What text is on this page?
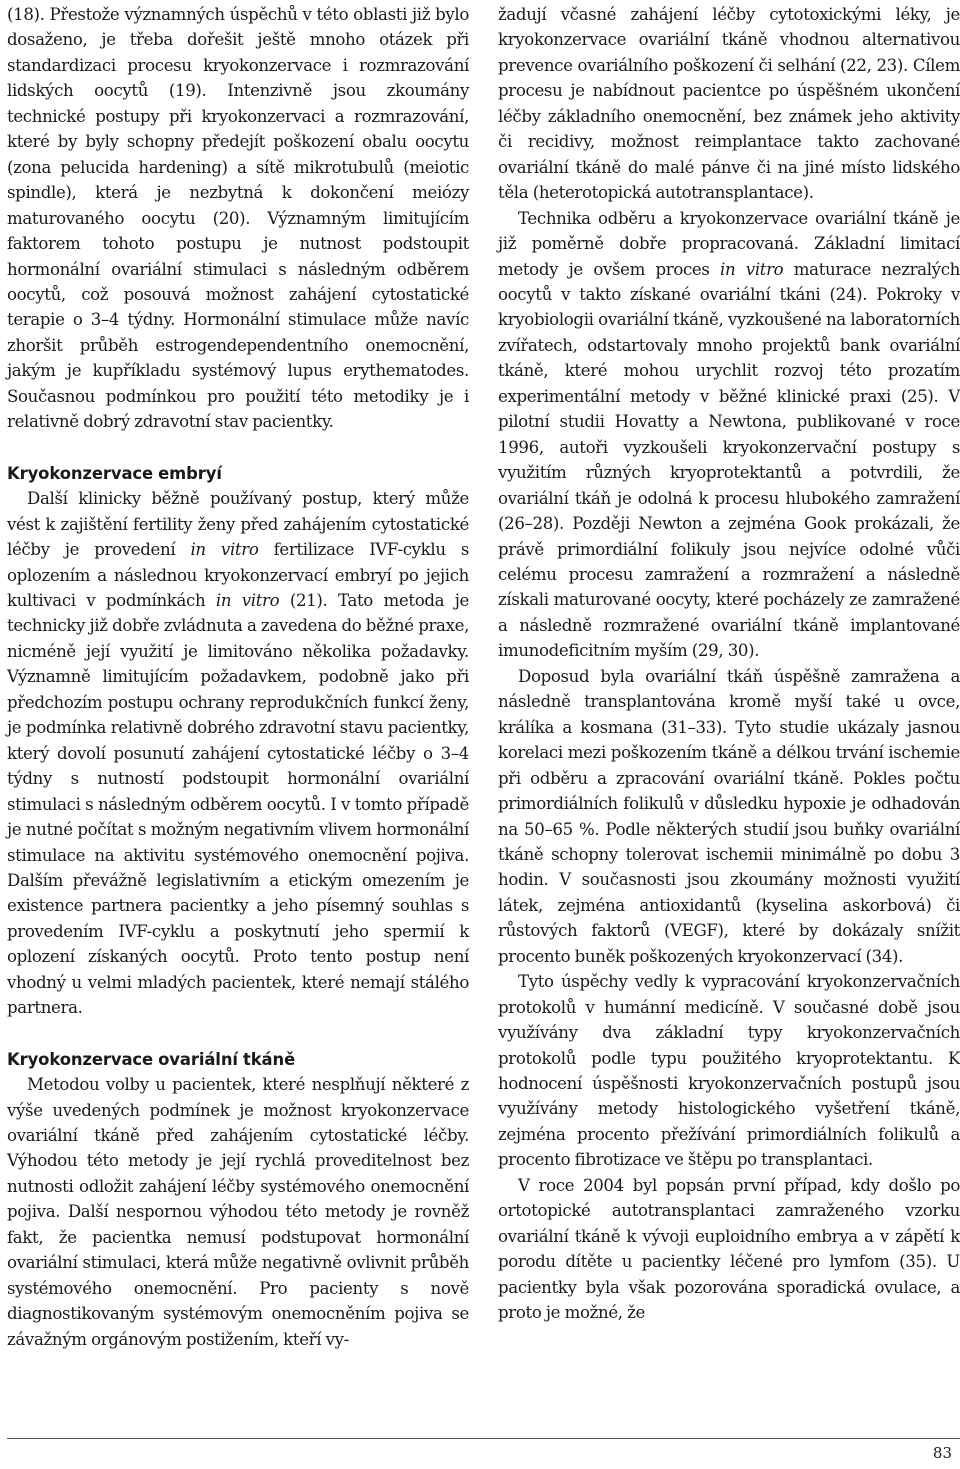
(18). Přestože významných úspěchů v této oblasti již bylo dosaženo, je třeba dořešit ještě mnoho otázek při standardizaci procesu kryokonzervace i rozmrazování lidských oocytů (19). Intenzivně jsou zkoumány technické postupy při kryokonzervaci a rozmrazování, které by byly schopny předejít poškození obalu oocytu (zona pelucida hardening) a sítě mikrotubulů (meiotic spindle), která je nezbytná k dokončení meiózy maturovaného oocytu (20). Významným limitujícím faktorem tohoto postupu je nutnost podstoupit hormonální ovariální stimulaci s následným odběrem oocytů, což posouvá možnost zahájení cytostatické terapie o 3–4 týdny. Hormonální stimulace může navíc zhoršit průběh estrogendependentního onemocnění, jakým je kupříkladu systémový lupus erythematodes. Současnou podmínkou pro použití této metodiky je i relativně dobrý zdravotní stav pacientky.

Kryokonzervace embryí

Další klinicky běžně používaný postup, který může vést k zajištění fertility ženy před zahájením cytostatické léčby je provedení in vitro fertilizace IVF-cyklu s oplozením a následnou kryokonzervací embryí po jejich kultivaci v podmínkách in vitro (21). Tato metoda je technicky již dobře zvládnuta a zavedena do běžné praxe, nicméně její využití je limitováno několika požadavky. Významně limitujícím požadavkem, podobně jako při předchozím postupu ochrany reprodukčních funkcí ženy, je podmínka relativně dobrého zdravotní stavu pacientky, který dovolí posunutí zahájení cytostatické léčby o 3–4 týdny s nutností podstoupit hormonální ovariální stimulaci s následným odběrem oocytů. I v tomto případě je nutné počítat s možným negativním vlivem hormonální stimulace na aktivitu systémového onemocnění pojiva. Dalším převážně legislativním a etickým omezením je existence partnera pacientky a jeho písemný souhlas s provedením IVF-cyklu a poskytnutí jeho spermií k oplození získaných oocytů. Proto tento postup není vhodný u velmi mladých pacientek, které nemají stálého partnera.

Kryokonzervace ovariální tkáně

Metodou volby u pacientek, které nesplňují některé z výše uvedených podmínek je možnost kryokonzervace ovariální tkáně před zahájením cytostatické léčby. Výhodou této metody je její rychlá proveditelnost bez nutnosti odložit zahájení léčby systémového onemocnění pojiva. Další nespornou výhodou této metody je rovněž fakt, že pacientka nemusí podstupovat hormonální ovariální stimulaci, která může negativně ovlivnit průběh systémového onemocnění. Pro pacienty s nově diagnostikovaným systémovým onemocněním pojiva se závažným orgánovým postižením, kteří vy-

žadují včasné zahájení léčby cytotoxickými léky, je kryokonzervace ovariální tkáně vhodnou alternativou prevence ovariálního poškození či selhání (22, 23). Cílem procesu je nabídnout pacientce po úspěšném ukončení léčby základního onemocnění, bez známek jeho aktivity či recidivy, možnost reimplantace takto zachované ovariální tkáně do malé pánve či na jiné místo lidského těla (heterotopická autotransplantace).

Technika odběru a kryokonzervace ovariální tkáně je již poměrně dobře propracovaná. Základní limitací metody je ovšem proces in vitro maturace nezralých oocytů v takto získané ovariální tkáni (24). Pokroky v kryobiologii ovariální tkáně, vyzkoušené na laboratorních zvířatech, odstartovaly mnoho projektů bank ovariální tkáně, které mohou urychlit rozvoj této prozatím experimentální metody v běžné klinické praxi (25). V pilotní studii Hovatty a Newtona, publikované v roce 1996, autoři vyzkoušeli kryokonzervační postupy s využitím různých kryoprotektantů a potvrdili, že ovariální tkáň je odolná k procesu hlubokého zamražení (26–28). Později Newton a zejména Gook prokázali, že právě primordiální folikuly jsou nejvíce odolné vůči celému procesu zamražení a rozmražení a následně získali maturované oocyty, které pocházely ze zamražené a následně rozmražené ovariální tkáně implantované imunodeficitním myším (29, 30).

Doposud byla ovariální tkáň úspěšně zamražena a následně transplantována kromě myší také u ovce, králíka a kosmana (31–33). Tyto studie ukázaly jasnou korelaci mezi poškozením tkáně a délkou trvání ischemie při odběru a zpracování ovariální tkáně. Pokles počtu primordiálních folikulů v důsledku hypoxie je odhadován na 50–65 %. Podle některých studií jsou buňky ovariální tkáně schopny tolerovat ischemii minimálně po dobu 3 hodin. V současnosti jsou zkoumány možnosti využití látek, zejména antioxidantů (kyselina askorbová) či růstových faktorů (VEGF), které by dokázaly snížit procento buněk poškozených kryokonzervací (34).

Tyto úspěchy vedly k vypracování kryokonzervačních protokolů v humánní medicíně. V současné době jsou využívány dva základní typy kryokonzervačních protokolů podle typu použitého kryoprotektantu. K hodnocení úspěšnosti kryokonzervačních postupů jsou využívány metody histologického vyšetření tkáně, zejména procento přežívání primordiálních folikulů a procento fibrotizace ve štěpu po transplantaci.

V roce 2004 byl popsán první případ, kdy došlo po ortotopické autotransplantaci zamraženého vzorku ovariální tkáně k vývoji euploidního embrya a v zápětí k porodu dítěte u pacientky léčené pro lymfom (35). U pacientky byla však pozorována sporadická ovulace, a proto je možné, že

83
